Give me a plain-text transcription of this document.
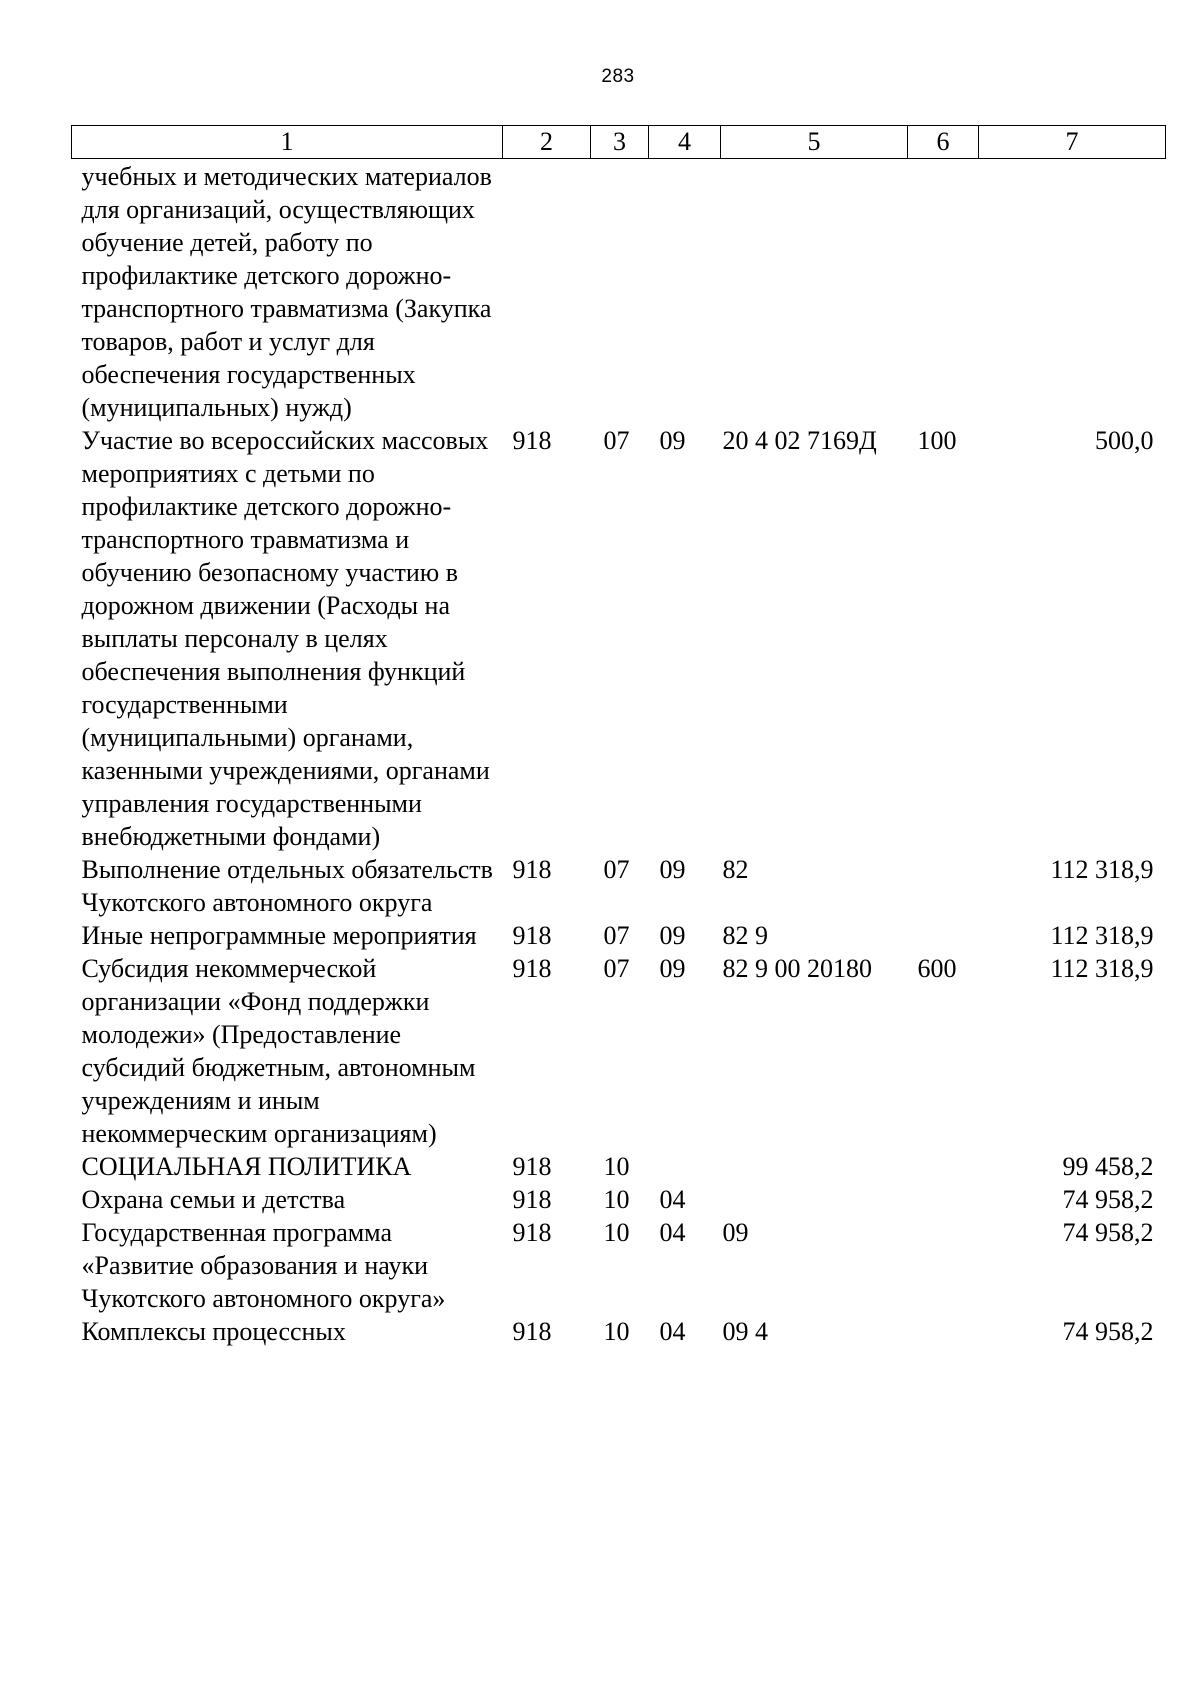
283
1	2	3	4	5	6	7
учебных и методических материалов для организаций, осуществляющих обучение детей, работу по профилактике детского дорожно-транспортного травматизма (Закупка товаров, работ и услуг для обеспечения государственных (муниципальных) нужд)						
Участие во всероссийских массовых мероприятиях с детьми по профилактике детского дорожно-транспортного травматизма и обучению безопасному участию в дорожном движении (Расходы на выплаты персоналу в целях обеспечения выполнения функций государственными (муниципальными) органами, казенными учреждениями, органами управления государственными внебюджетными фондами)	918	07	09	20 4 02 7169Д	100	500,0
Выполнение отдельных обязательств Чукотского автономного округа	918	07	09	82		112 318,9
Иные непрограммные мероприятия	918	07	09	82 9		112 318,9
Субсидия некоммерческой организации «Фонд поддержки молодежи» (Предоставление субсидий бюджетным, автономным учреждениям и иным некоммерческим организациям)	918	07	09	82 9 00 20180	600	112 318,9
СОЦИАЛЬНАЯ ПОЛИТИКА	918	10				99 458,2
Охрана семьи и детства	918	10	04			74 958,2
Государственная программа «Развитие образования и науки Чукотского автономного округа»	918	10	04	09		74 958,2
Комплексы процессных	918	10	04	09 4		74 958,2
